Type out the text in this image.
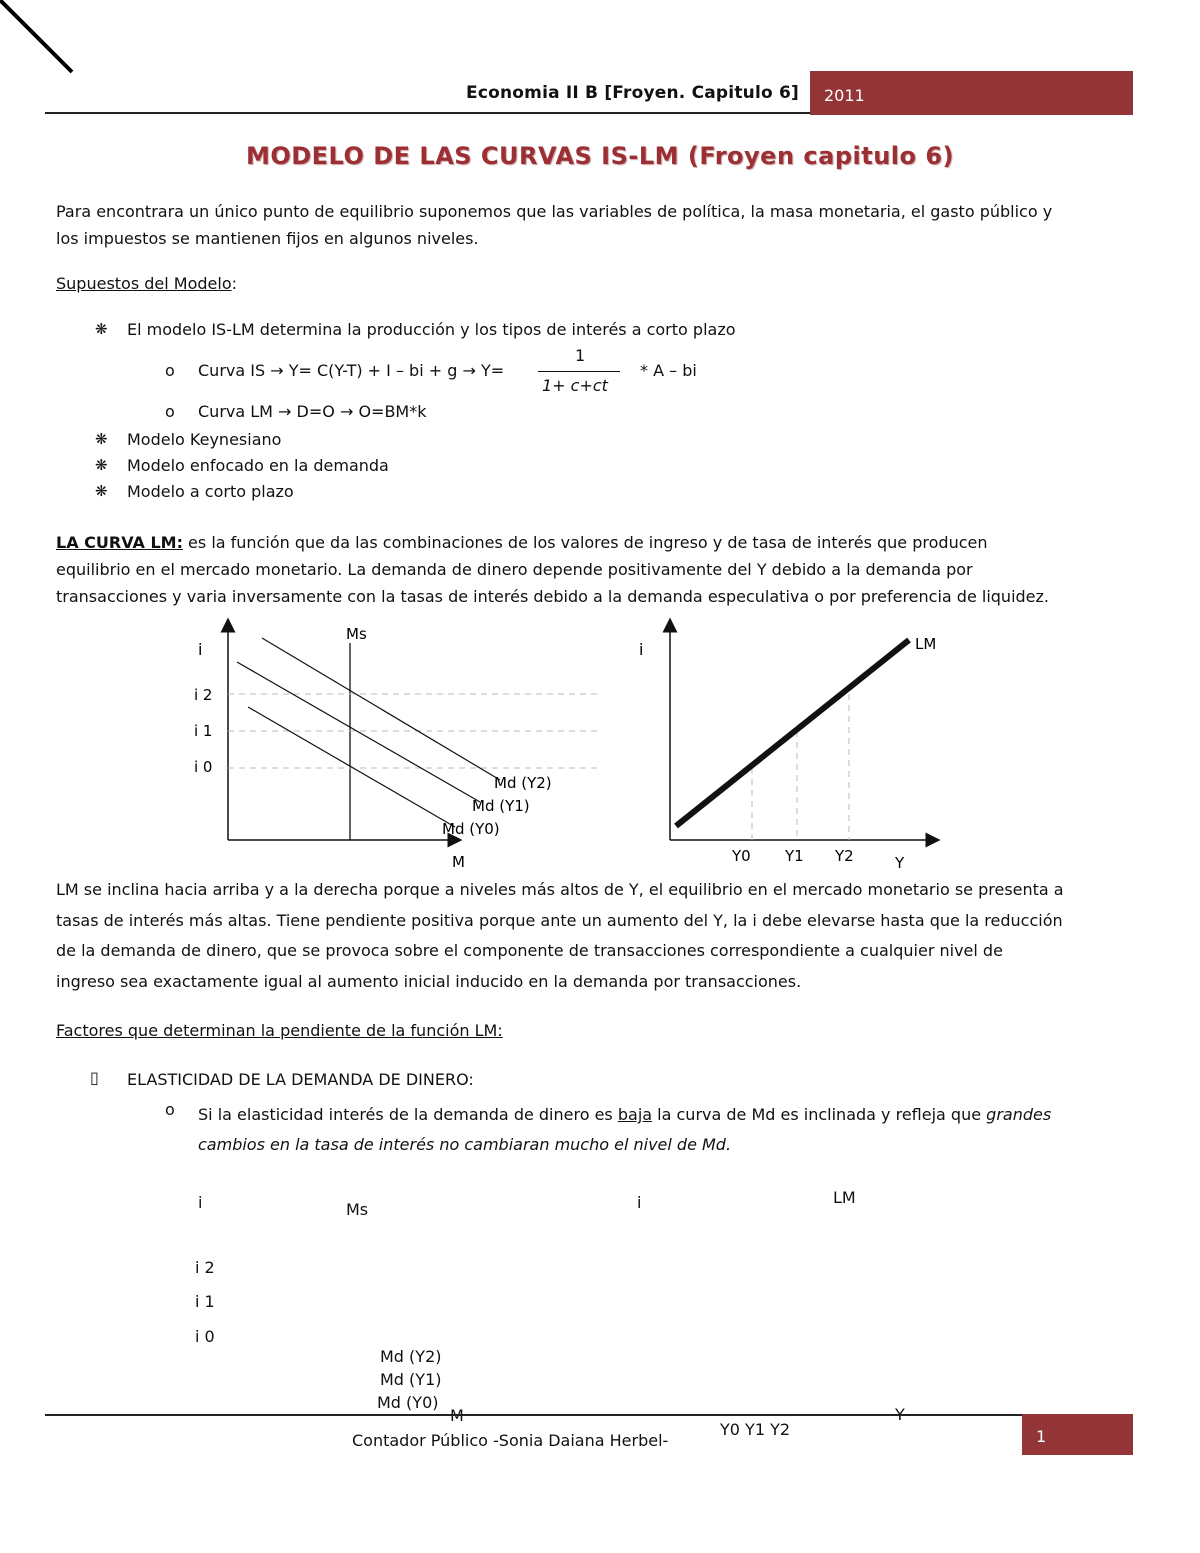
Economia II B [Froyen. Capitulo 6] 2011
MODELO DE LAS CURVAS IS-LM (Froyen capitulo 6)
Para encontrara un único punto de equilibrio suponemos que las variables de política, la masa monetaria, el gasto público y
los impuestos se mantienen fijos en algunos niveles.
Supuestos del Modelo:
❋ El modelo IS-LM determina la producción y los tipos de interés a corto plazo
o Curva IS → Y= C(Y-T) + I – bi + g → Y=
1
1+ c+ct
* A – bi
o Curva LM → D=O → O=BM*k
❋ Modelo Keynesiano
❋ Modelo enfocado en la demanda
❋ Modelo a corto plazo
LA CURVA LM: es la función que da las combinaciones de los valores de ingreso y de tasa de interés que producen
equilibrio en el mercado monetario. La demanda de dinero depende positivamente del Y debido a la demanda por
transacciones y varia inversamente con la tasas de interés debido a la demanda especulativa o por preferencia de liquidez.
i
Ms
i 2
i 1
i 0
Md (Y2)
Md (Y1)
Md (Y0)
M
i	LM
Y0 Y1 Y2	Y
LM se inclina hacia arriba y a la derecha porque a niveles más altos de Y, el equilibrio en el mercado monetario se presenta a
tasas de interés más altas. Tiene pendiente positiva porque ante un aumento del Y, la i debe elevarse hasta que la reducción
de la demanda de dinero, que se provoca sobre el componente de transacciones correspondiente a cualquier nivel de
ingreso sea exactamente igual al aumento inicial inducido en la demanda por transacciones.
Factores que determinan la pendiente de la función LM:
▯ ELASTICIDAD DE LA DEMANDA DE DINERO:
o Si la elasticidad interés de la demanda de dinero es baja la curva de Md es inclinada y refleja que grandes
cambios en la tasa de interés no cambiaran mucho el nivel de Md.
i	Ms	i	LM
i 2
i 1
i 0
Md (Y2)
Md (Y1)
Md (Y0)
Y0 Y1 Y2
Contador Público -Sonia Daiana Herbel-	1
